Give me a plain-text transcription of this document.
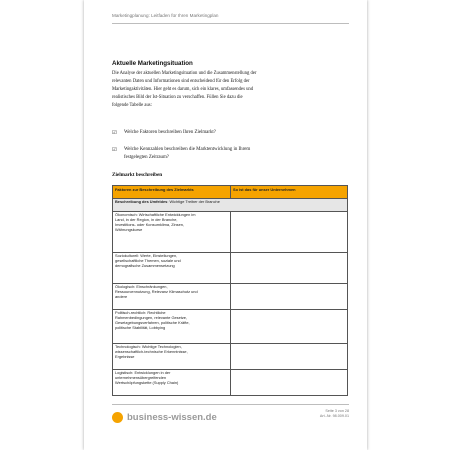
Marketingplanung: Leitfaden für Ihren Marketingplan
Aktuelle Marketingsituation
Die Analyse der aktuellen Marketingsituation und die Zusammenstellung der
relevanten Daten und Informationen sind entscheidend für den Erfolg der
Marketingaktivitäten. Hier geht es darum, sich ein klares, umfassendes und
realistisches Bild der Ist-Situation zu verschaffen. Füllen Sie dazu die
folgende Tabelle aus:
☑ Welche Faktoren beschreiben Ihren Zielmarkt?
☑ Welche Kennzahlen beschreiben die Marktentwicklung in Ihrem
festgelegten Zeitraum?
Zielmarkt beschreiben
Faktoren zur Beschreibung des Zielmarkts	So ist das für unser Unternehmen
Beschreibung des Umfeldes: Wichtige Treiber der Branche	

Ökonomisch: Wirtschaftliche Entwicklungen im
Land, in der Region, in der Branche,
Investitions- oder Konsumklima, Zinsen,
Währungskurse	

Soziokulturell: Werte, Einstellungen,
gesellschaftliche Themen, soziale und
demografische Zusammensetzung	

Ökologisch: Einschränkungen,
Ressourcennutzung, Relevanz Klimaschutz und
andere	

Politisch-rechtlich: Rechtliche
Rahmenbedingungen, relevante Gesetze,
Gesetzgebungsverfahren, politische Kräfte,
politische Stabilität, Lobbying	

Technologisch: Wichtige Technologien,
wissenschaftlich-technische Erkenntnisse,
Ergebnisse	

Logistisch: Entwicklungen in der
unternehmensübergreifenden
Wertschöpfungskette (Supply Chain)	

business-wissen.de
Seite 3 von 28
Art.-Nr. 98.009.01
